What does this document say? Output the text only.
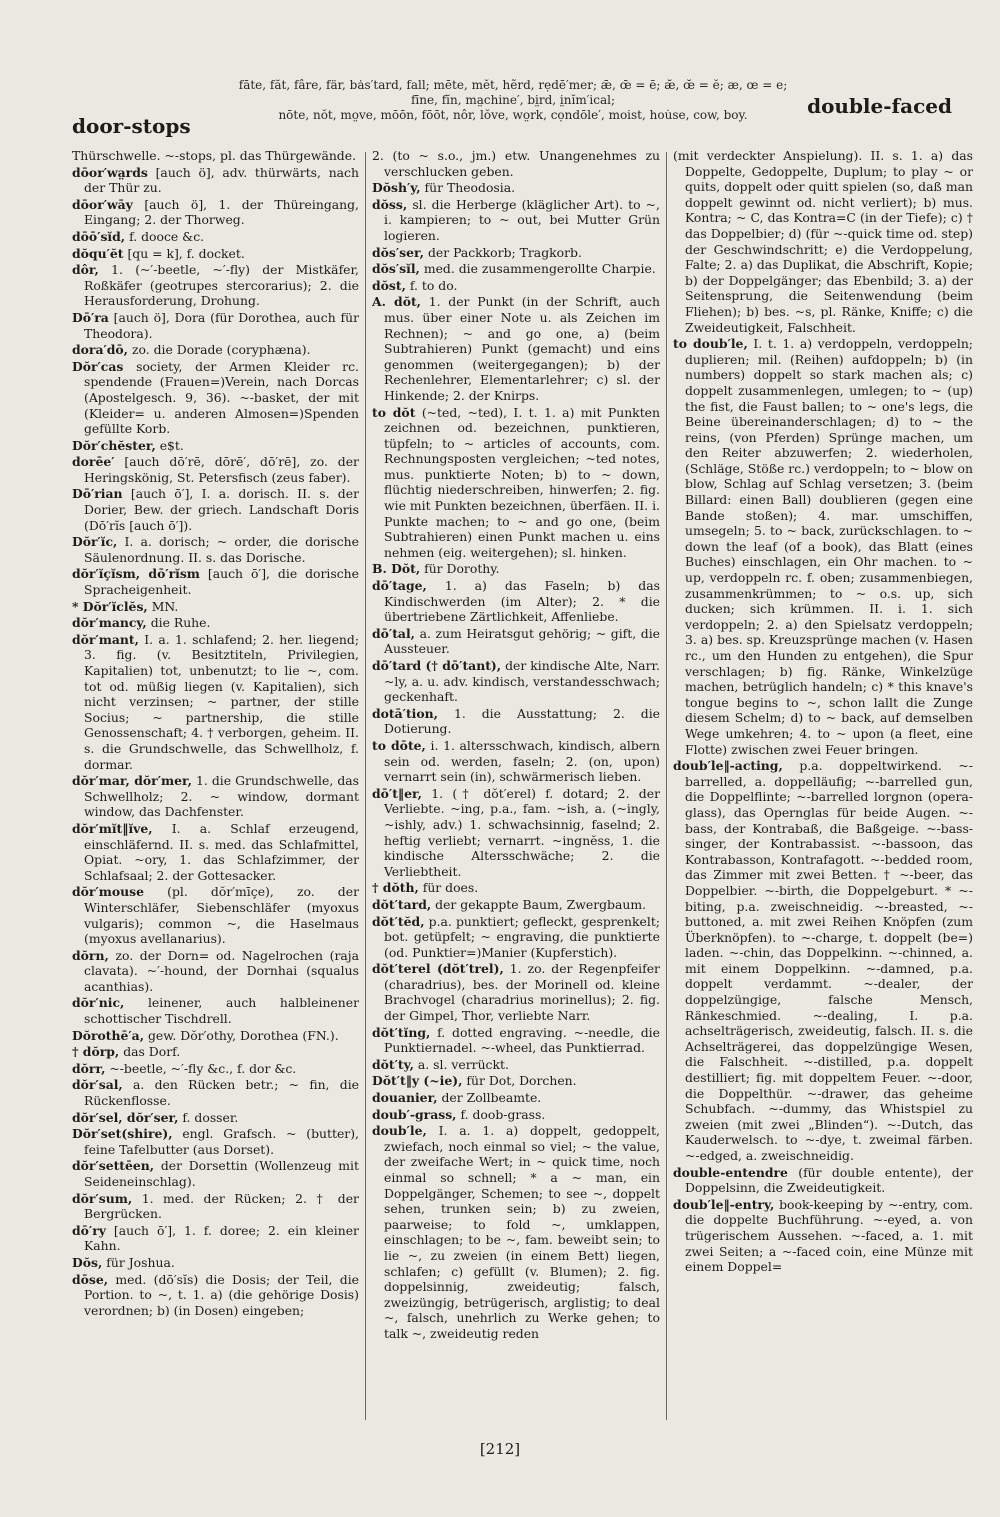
door-stops
fāte, făt, fâre, fär, bȧs′tard, fall; mēte, mĕt, hẽrd, rẹdē′mer; ǣ, œ̄ = ē; æ̆, œ̆ = ĕ; æ, œ = e;
fīne, fĭn, ma̤chine′, bi̤rd, i̤nĭm′ical;
nōte, nŏt, mo̤ve, mōōn, fōōt, nôr, lŏve, wo̤rk, cọndōle′, moist, hou̇se, cow, boy.	double-faced

Thürschwelle. ~-stops, pl. das Thürgewände.

dōor′wa̤rds [auch ö], adv. thürwärts, nach der Thür zu.

dōor′wāy [auch ö], 1. der Thüreingang, Eingang; 2. der Thorweg.

dōō′sĭd, f. dooce &c.

dŏqu′ĕt [qu = k], f. docket.

dôr, 1. (~′-beetle, ~′-fly) der Mistkäfer, Roßkäfer (geotrupes stercorarius); 2. die Herausforderung, Drohung.

Dō′ra [auch ö], Dora (für Dorothea, auch für Theodora).

dora′dō, zo. die Dorade (coryphæna).

Dŏr′cas society, der Armen Kleider rc. spendende (Frauen=)Verein, nach Dorcas (Apostelgesch. 9, 36). ~-basket, der mit (Kleider= u. anderen Almosen=)Spenden gefüllte Korb.

Dŏr′chĕster, e$t.

dorēe′ [auch dō′rē, dōrē′, dō′rē], zo. der Heringskönig, St. Petersfisch (zeus faber).

Dō′rian [auch ō′], I. a. dorisch. II. s. der Dorier, Bew. der griech. Landschaft Doris (Dō′rĭs [auch ō′]).

Dŏr′ĭc, I. a. dorisch; ~ order, die dorische Säulenordnung. II. s. das Dorische.

dŏr′ĭçĭsm, dō′rĭsm [auch ō′], die dorische Spracheigenheit.

* Dŏr′ĭclĕs, MN.

dŏr′mancy, die Ruhe.

dŏr′mant, I. a. 1. schlafend; 2. her. liegend; 3. fig. (v. Besitztiteln, Privilegien, Kapitalien) tot, unbenutzt; to lie ~, com. tot od. müßig liegen (v. Kapitalien), sich nicht verzinsen; ~ partner, der stille Socius; ~ partnership, die stille Genossenschaft; 4. † verborgen, geheim. II. s. die Grundschwelle, das Schwellholz, f. dormar.

dŏr′mar, dŏr′mer, 1. die Grundschwelle, das Schwellholz; 2. ~ window, dormant window, das Dachfenster.

dŏr′mĭt‖ĭve, I. a. Schlaf erzeugend, einschläfernd. II. s. med. das Schlafmittel, Opiat. ~ory, 1. das Schlafzimmer, der Schlafsaal; 2. der Gottesacker.

dŏr′mouse (pl. dŏr′mīçe), zo. der Winterschläfer, Siebenschläfer (myoxus vulgaris); common ~, die Haselmaus (myoxus avellanarius).

dŏrn, zo. der Dorn= od. Nagelrochen (raja clavata). ~′-hound, der Dornhai (squalus acanthias).

dŏr′nic, leinener, auch halbleinener schottischer Tischdrell.

Dŏrothē′a, gew. Dŏr′othy, Dorothea (FN.).

† dŏrp, das Dorf.

dŏrr, ~-beetle, ~′-fly &c., f. dor &c.

dŏr′sal, a. den Rücken betr.; ~ fin, die Rückenflosse.

dŏr′sel, dŏr′ser, f. dosser.

Dŏr′set(shire), engl. Grafsch. ~ (butter), feine Tafelbutter (aus Dorset).

dŏr′settēen, der Dorsettin (Wollenzeug mit Seideneinschlag).

dŏr′sum, 1. med. der Rücken; 2. † der Bergrücken.

dō′ry [auch ō′], 1. f. doree; 2. ein kleiner Kahn.

Dŏs, für Joshua.

dōse, med. (dō′sĭs) die Dosis; der Teil, die Portion. to ~, t. 1. a) (die gehörige Dosis) verordnen; b) (in Dosen) eingeben;

2. (to ~ s.o., jm.) etw. Unangenehmes zu verschlucken geben.

Dŏsh′y, für Theodosia.

dŏss, sl. die Herberge (kläglicher Art). to ~, i. kampieren; to ~ out, bei Mutter Grün logieren.

dŏs′ser, der Packkorb; Tragkorb.

dŏs′sĭl, med. die zusammengerollte Charpie.

dŏst, f. to do.

A. dŏt, 1. der Punkt (in der Schrift, auch mus. über einer Note u. als Zeichen im Rechnen); ~ and go one, a) (beim Subtrahieren) Punkt (gemacht) und eins genommen (weitergegangen); b) der Rechenlehrer, Elementarlehrer; c) sl. der Hinkende; 2. der Knirps.

to dŏt (~ted, ~ted), I. t. 1. a) mit Punkten zeichnen od. bezeichnen, punktieren, tüpfeln; to ~ articles of accounts, com. Rechnungsposten vergleichen; ~ted notes, mus. punktierte Noten; b) to ~ down, flüchtig niederschreiben, hinwerfen; 2. fig. wie mit Punkten bezeichnen, überfäen. II. i. Punkte machen; to ~ and go one, (beim Subtrahieren) einen Punkt machen u. eins nehmen (eig. weitergehen); sl. hinken.

B. Dŏt, für Dorothy.

dō′tage, 1. a) das Faseln; b) das Kindischwerden (im Alter); 2. * die übertriebene Zärtlichkeit, Affenliebe.

dō′tal, a. zum Heiratsgut gehörig; ~ gift, die Aussteuer.

dō′tard († dō′tant), der kindische Alte, Narr. ~ly, a. u. adv. kindisch, verstandesschwach; geckenhaft.

dotā′tion, 1. die Ausstattung; 2. die Dotierung.

to dōte, i. 1. altersschwach, kindisch, albern sein od. werden, faseln; 2. (on, upon) vernarrt sein (in), schwärmerisch lieben.

dō′t‖er, 1. († dŏt′erel) f. dotard; 2. der Verliebte. ~ing, p.a., fam. ~ish, a. (~ingly, ~ishly, adv.) 1. schwachsinnig, faselnd; 2. heftig verliebt; vernarrt. ~ingnĕss, 1. die kindische Altersschwäche; 2. die Verliebtheit.

† dŏth, für does.

dŏt′tard, der gekappte Baum, Zwergbaum.

dŏt′tĕd, p.a. punktiert; gefleckt, gesprenkelt; bot. getüpfelt; ~ engraving, die punktierte (od. Punktier=)Manier (Kupferstich).

dŏt′terel (dŏt′trel), 1. zo. der Regenpfeifer (charadrius), bes. der Morinell od. kleine Brachvogel (charadrius morinellus); 2. fig. der Gimpel, Thor, verliebte Narr.

dŏt′tĭng, f. dotted engraving. ~-needle, die Punktiernadel. ~-wheel, das Punktierrad.

dŏt′ty, a. sl. verrückt.

Dŏt′t‖y (~ie), für Dot, Dorchen.

douanier, der Zollbeamte.

doub′-grass, f. doob-grass.

doub′le, I. a. 1. a) doppelt, gedoppelt, zwiefach, noch einmal so viel; ~ the value, der zweifache Wert; in ~ quick time, noch einmal so schnell; * a ~ man, ein Doppelgänger, Schemen; to see ~, doppelt sehen, trunken sein; b) zu zweien, paarweise; to fold ~, umklappen, einschlagen; to be ~, fam. beweibt sein; to lie ~, zu zweien (in einem Bett) liegen, schlafen; c) gefüllt (v. Blumen); 2. fig. doppelsinnig, zweideutig; falsch, zweizüngig, betrügerisch, arglistig; to deal ~, falsch, unehrlich zu Werke gehen; to talk ~, zweideutig reden

(mit verdeckter Anspielung). II. s. 1. a) das Doppelte, Gedoppelte, Duplum; to play ~ or quits, doppelt oder quitt spielen (so, daß man doppelt gewinnt od. nicht verliert); b) mus. Kontra; ~ C, das Kontra=C (in der Tiefe); c) † das Doppelbier; d) (für ~-quick time od. step) der Geschwindschritt; e) die Verdoppelung, Falte; 2. a) das Duplikat, die Abschrift, Kopie; b) der Doppelgänger; das Ebenbild; 3. a) der Seitensprung, die Seitenwendung (beim Fliehen); b) bes. ~s, pl. Ränke, Kniffe; c) die Zweideutigkeit, Falschheit.

to doub′le, I. t. 1. a) verdoppeln, verdoppeln; duplieren; mil. (Reihen) aufdoppeln; b) (in numbers) doppelt so stark machen als; c) doppelt zusammenlegen, umlegen; to ~ (up) the fist, die Faust ballen; to ~ one's legs, die Beine übereinanderschlagen; d) to ~ the reins, (von Pferden) Sprünge machen, um den Reiter abzuwerfen; 2. wiederholen, (Schläge, Stöße rc.) verdoppeln; to ~ blow on blow, Schlag auf Schlag versetzen; 3. (beim Billard: einen Ball) doublieren (gegen eine Bande stoßen); 4. mar. umschiffen, umsegeln; 5. to ~ back, zurückschlagen. to ~ down the leaf (of a book), das Blatt (eines Buches) einschlagen, ein Ohr machen. to ~ up, verdoppeln rc. f. oben; zusammenbiegen, zusammenkrümmen; to ~ o.s. up, sich ducken; sich krümmen. II. i. 1. sich verdoppeln; 2. a) den Spielsatz verdoppeln; 3. a) bes. sp. Kreuzsprünge machen (v. Hasen rc., um den Hunden zu entgehen), die Spur verschlagen; b) fig. Ränke, Winkelzüge machen, betrüglich handeln; c) * this knave's tongue begins to ~, schon lallt die Zunge diesem Schelm; d) to ~ back, auf demselben Wege umkehren; 4. to ~ upon (a fleet, eine Flotte) zwischen zwei Feuer bringen.

doub′le‖-acting, p.a. doppeltwirkend. ~-barrelled, a. doppelläufig; ~-barrelled gun, die Doppelflinte; ~-barrelled lorgnon (opera-glass), das Opernglas für beide Augen. ~-bass, der Kontrabaß, die Baßgeige. ~-bass-singer, der Kontrabassist. ~-bassoon, das Kontrabasson, Kontrafagott. ~-bedded room, das Zimmer mit zwei Betten. † ~-beer, das Doppelbier. ~-birth, die Doppelgeburt. * ~-biting, p.a. zweischneidig. ~-breasted, ~-buttoned, a. mit zwei Reihen Knöpfen (zum Überknöpfen). to ~-charge, t. doppelt (be=) laden. ~-chin, das Doppelkinn. ~-chinned, a. mit einem Doppelkinn. ~-damned, p.a. doppelt verdammt. ~-dealer, der doppelzüngige, falsche Mensch, Ränkeschmied. ~-dealing, I. p.a. achselträgerisch, zweideutig, falsch. II. s. die Achselträgerei, das doppelzüngige Wesen, die Falschheit. ~-distilled, p.a. doppelt destilliert; fig. mit doppeltem Feuer. ~-door, die Doppelthür. ~-drawer, das geheime Schubfach. ~-dummy, das Whistspiel zu zweien (mit zwei „Blinden“). ~-Dutch, das Kauderwelsch. to ~-dye, t. zweimal färben. ~-edged, a. zweischneidig.

double-entendre (für double entente), der Doppelsinn, die Zweideutigkeit.

doub′le‖-entry, book-keeping by ~-entry, com. die doppelte Buchführung. ~-eyed, a. von trügerischem Aussehen. ~-faced, a. 1. mit zwei Seiten; a ~-faced coin, eine Münze mit einem Doppel=

[212]
